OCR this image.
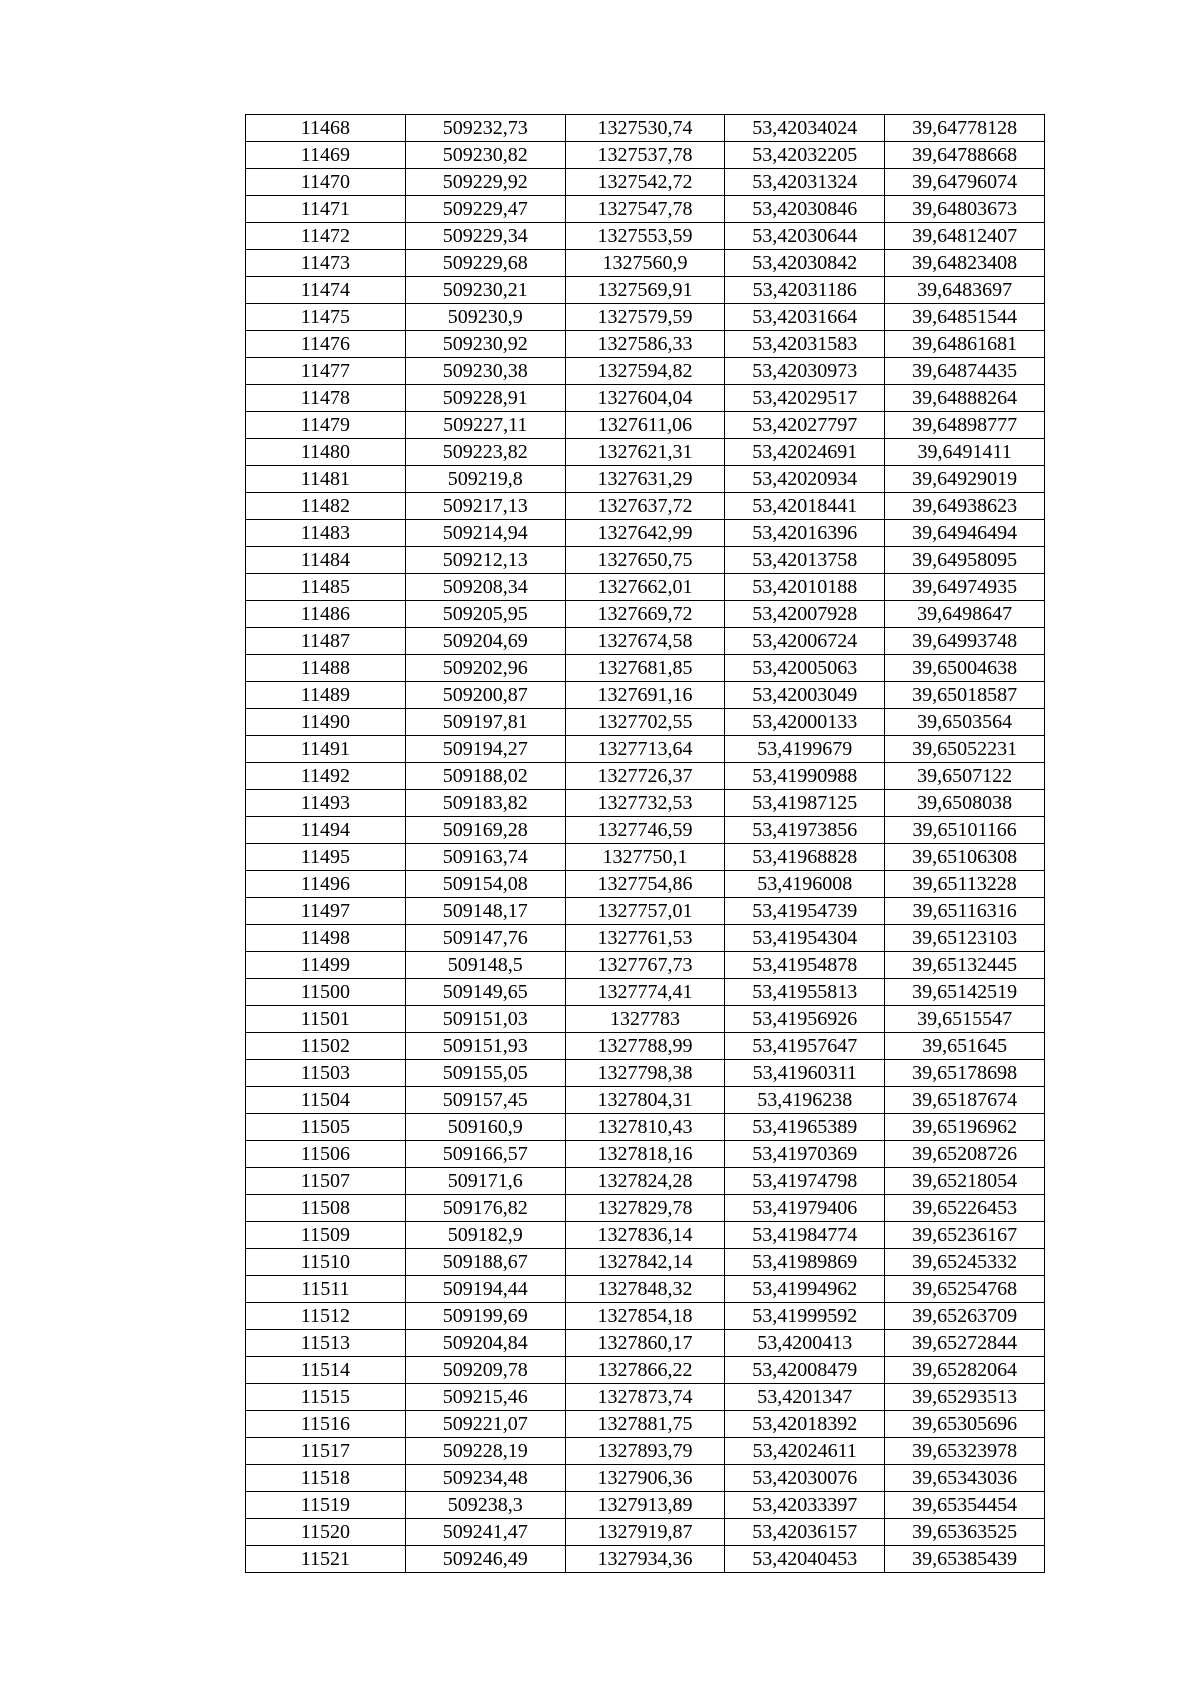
11468	509232,73	1327530,74	53,42034024	39,64778128
11469	509230,82	1327537,78	53,42032205	39,64788668
11470	509229,92	1327542,72	53,42031324	39,64796074
11471	509229,47	1327547,78	53,42030846	39,64803673
11472	509229,34	1327553,59	53,42030644	39,64812407
11473	509229,68	1327560,9	53,42030842	39,64823408
11474	509230,21	1327569,91	53,42031186	39,6483697
11475	509230,9	1327579,59	53,42031664	39,64851544
11476	509230,92	1327586,33	53,42031583	39,64861681
11477	509230,38	1327594,82	53,42030973	39,64874435
11478	509228,91	1327604,04	53,42029517	39,64888264
11479	509227,11	1327611,06	53,42027797	39,64898777
11480	509223,82	1327621,31	53,42024691	39,6491411
11481	509219,8	1327631,29	53,42020934	39,64929019
11482	509217,13	1327637,72	53,42018441	39,64938623
11483	509214,94	1327642,99	53,42016396	39,64946494
11484	509212,13	1327650,75	53,42013758	39,64958095
11485	509208,34	1327662,01	53,42010188	39,64974935
11486	509205,95	1327669,72	53,42007928	39,6498647
11487	509204,69	1327674,58	53,42006724	39,64993748
11488	509202,96	1327681,85	53,42005063	39,65004638
11489	509200,87	1327691,16	53,42003049	39,65018587
11490	509197,81	1327702,55	53,42000133	39,6503564
11491	509194,27	1327713,64	53,4199679	39,65052231
11492	509188,02	1327726,37	53,41990988	39,6507122
11493	509183,82	1327732,53	53,41987125	39,6508038
11494	509169,28	1327746,59	53,41973856	39,65101166
11495	509163,74	1327750,1	53,41968828	39,65106308
11496	509154,08	1327754,86	53,4196008	39,65113228
11497	509148,17	1327757,01	53,41954739	39,65116316
11498	509147,76	1327761,53	53,41954304	39,65123103
11499	509148,5	1327767,73	53,41954878	39,65132445
11500	509149,65	1327774,41	53,41955813	39,65142519
11501	509151,03	1327783	53,41956926	39,6515547
11502	509151,93	1327788,99	53,41957647	39,651645
11503	509155,05	1327798,38	53,41960311	39,65178698
11504	509157,45	1327804,31	53,4196238	39,65187674
11505	509160,9	1327810,43	53,41965389	39,65196962
11506	509166,57	1327818,16	53,41970369	39,65208726
11507	509171,6	1327824,28	53,41974798	39,65218054
11508	509176,82	1327829,78	53,41979406	39,65226453
11509	509182,9	1327836,14	53,41984774	39,65236167
11510	509188,67	1327842,14	53,41989869	39,65245332
11511	509194,44	1327848,32	53,41994962	39,65254768
11512	509199,69	1327854,18	53,41999592	39,65263709
11513	509204,84	1327860,17	53,4200413	39,65272844
11514	509209,78	1327866,22	53,42008479	39,65282064
11515	509215,46	1327873,74	53,4201347	39,65293513
11516	509221,07	1327881,75	53,42018392	39,65305696
11517	509228,19	1327893,79	53,42024611	39,65323978
11518	509234,48	1327906,36	53,42030076	39,65343036
11519	509238,3	1327913,89	53,42033397	39,65354454
11520	509241,47	1327919,87	53,42036157	39,65363525
11521	509246,49	1327934,36	53,42040453	39,65385439
